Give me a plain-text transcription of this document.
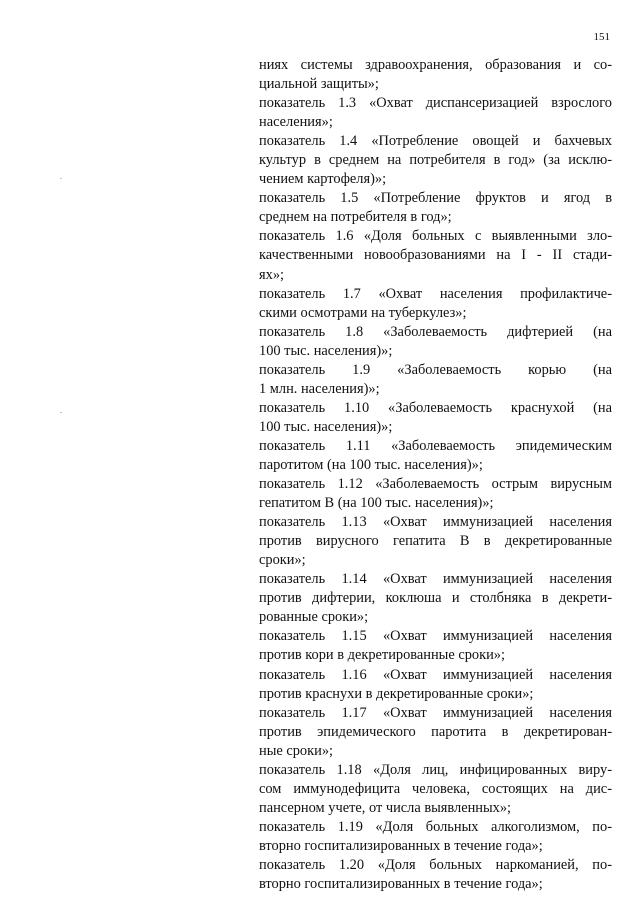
151
ниях системы здравоохранения, образования и со-
циальной защиты»;
показатель 1.3 «Охват диспансеризацией взрослого
населения»;
показатель 1.4 «Потребление овощей и бахчевых
культур в среднем на потребителя в год» (за исклю-
чением картофеля)»;
показатель 1.5 «Потребление фруктов и ягод в
среднем на потребителя в год»;
показатель 1.6 «Доля больных с выявленными зло-
качественными новообразованиями на I - II стади-
ях»;
показатель 1.7 «Охват населения профилактиче-
скими осмотрами на туберкулез»;
показатель 1.8 «Заболеваемость дифтерией (на
100 тыс. населения)»;
показатель 1.9 «Заболеваемость корью (на
1 млн. населения)»;
показатель 1.10 «Заболеваемость краснухой (на
100 тыс. населения)»;
показатель 1.11 «Заболеваемость эпидемическим
паротитом (на 100 тыс. населения)»;
показатель 1.12 «Заболеваемость острым вирусным
гепатитом В (на 100 тыс. населения)»;
показатель 1.13 «Охват иммунизацией населения
против вирусного гепатита В в декретированные
сроки»;
показатель 1.14 «Охват иммунизацией населения
против дифтерии, коклюша и столбняка в декрети-
рованные сроки»;
показатель 1.15 «Охват иммунизацией населения
против кори в декретированные сроки»;
показатель 1.16 «Охват иммунизацией населения
против краснухи в декретированные сроки»;
показатель 1.17 «Охват иммунизацией населения
против эпидемического паротита в декретирован-
ные сроки»;
показатель 1.18 «Доля лиц, инфицированных виру-
сом иммунодефицита человека, состоящих на дис-
пансерном учете, от числа выявленных»;
показатель 1.19 «Доля больных алкоголизмом, по-
вторно госпитализированных в течение года»;
показатель 1.20 «Доля больных наркоманией, по-
вторно госпитализированных в течение года»;
